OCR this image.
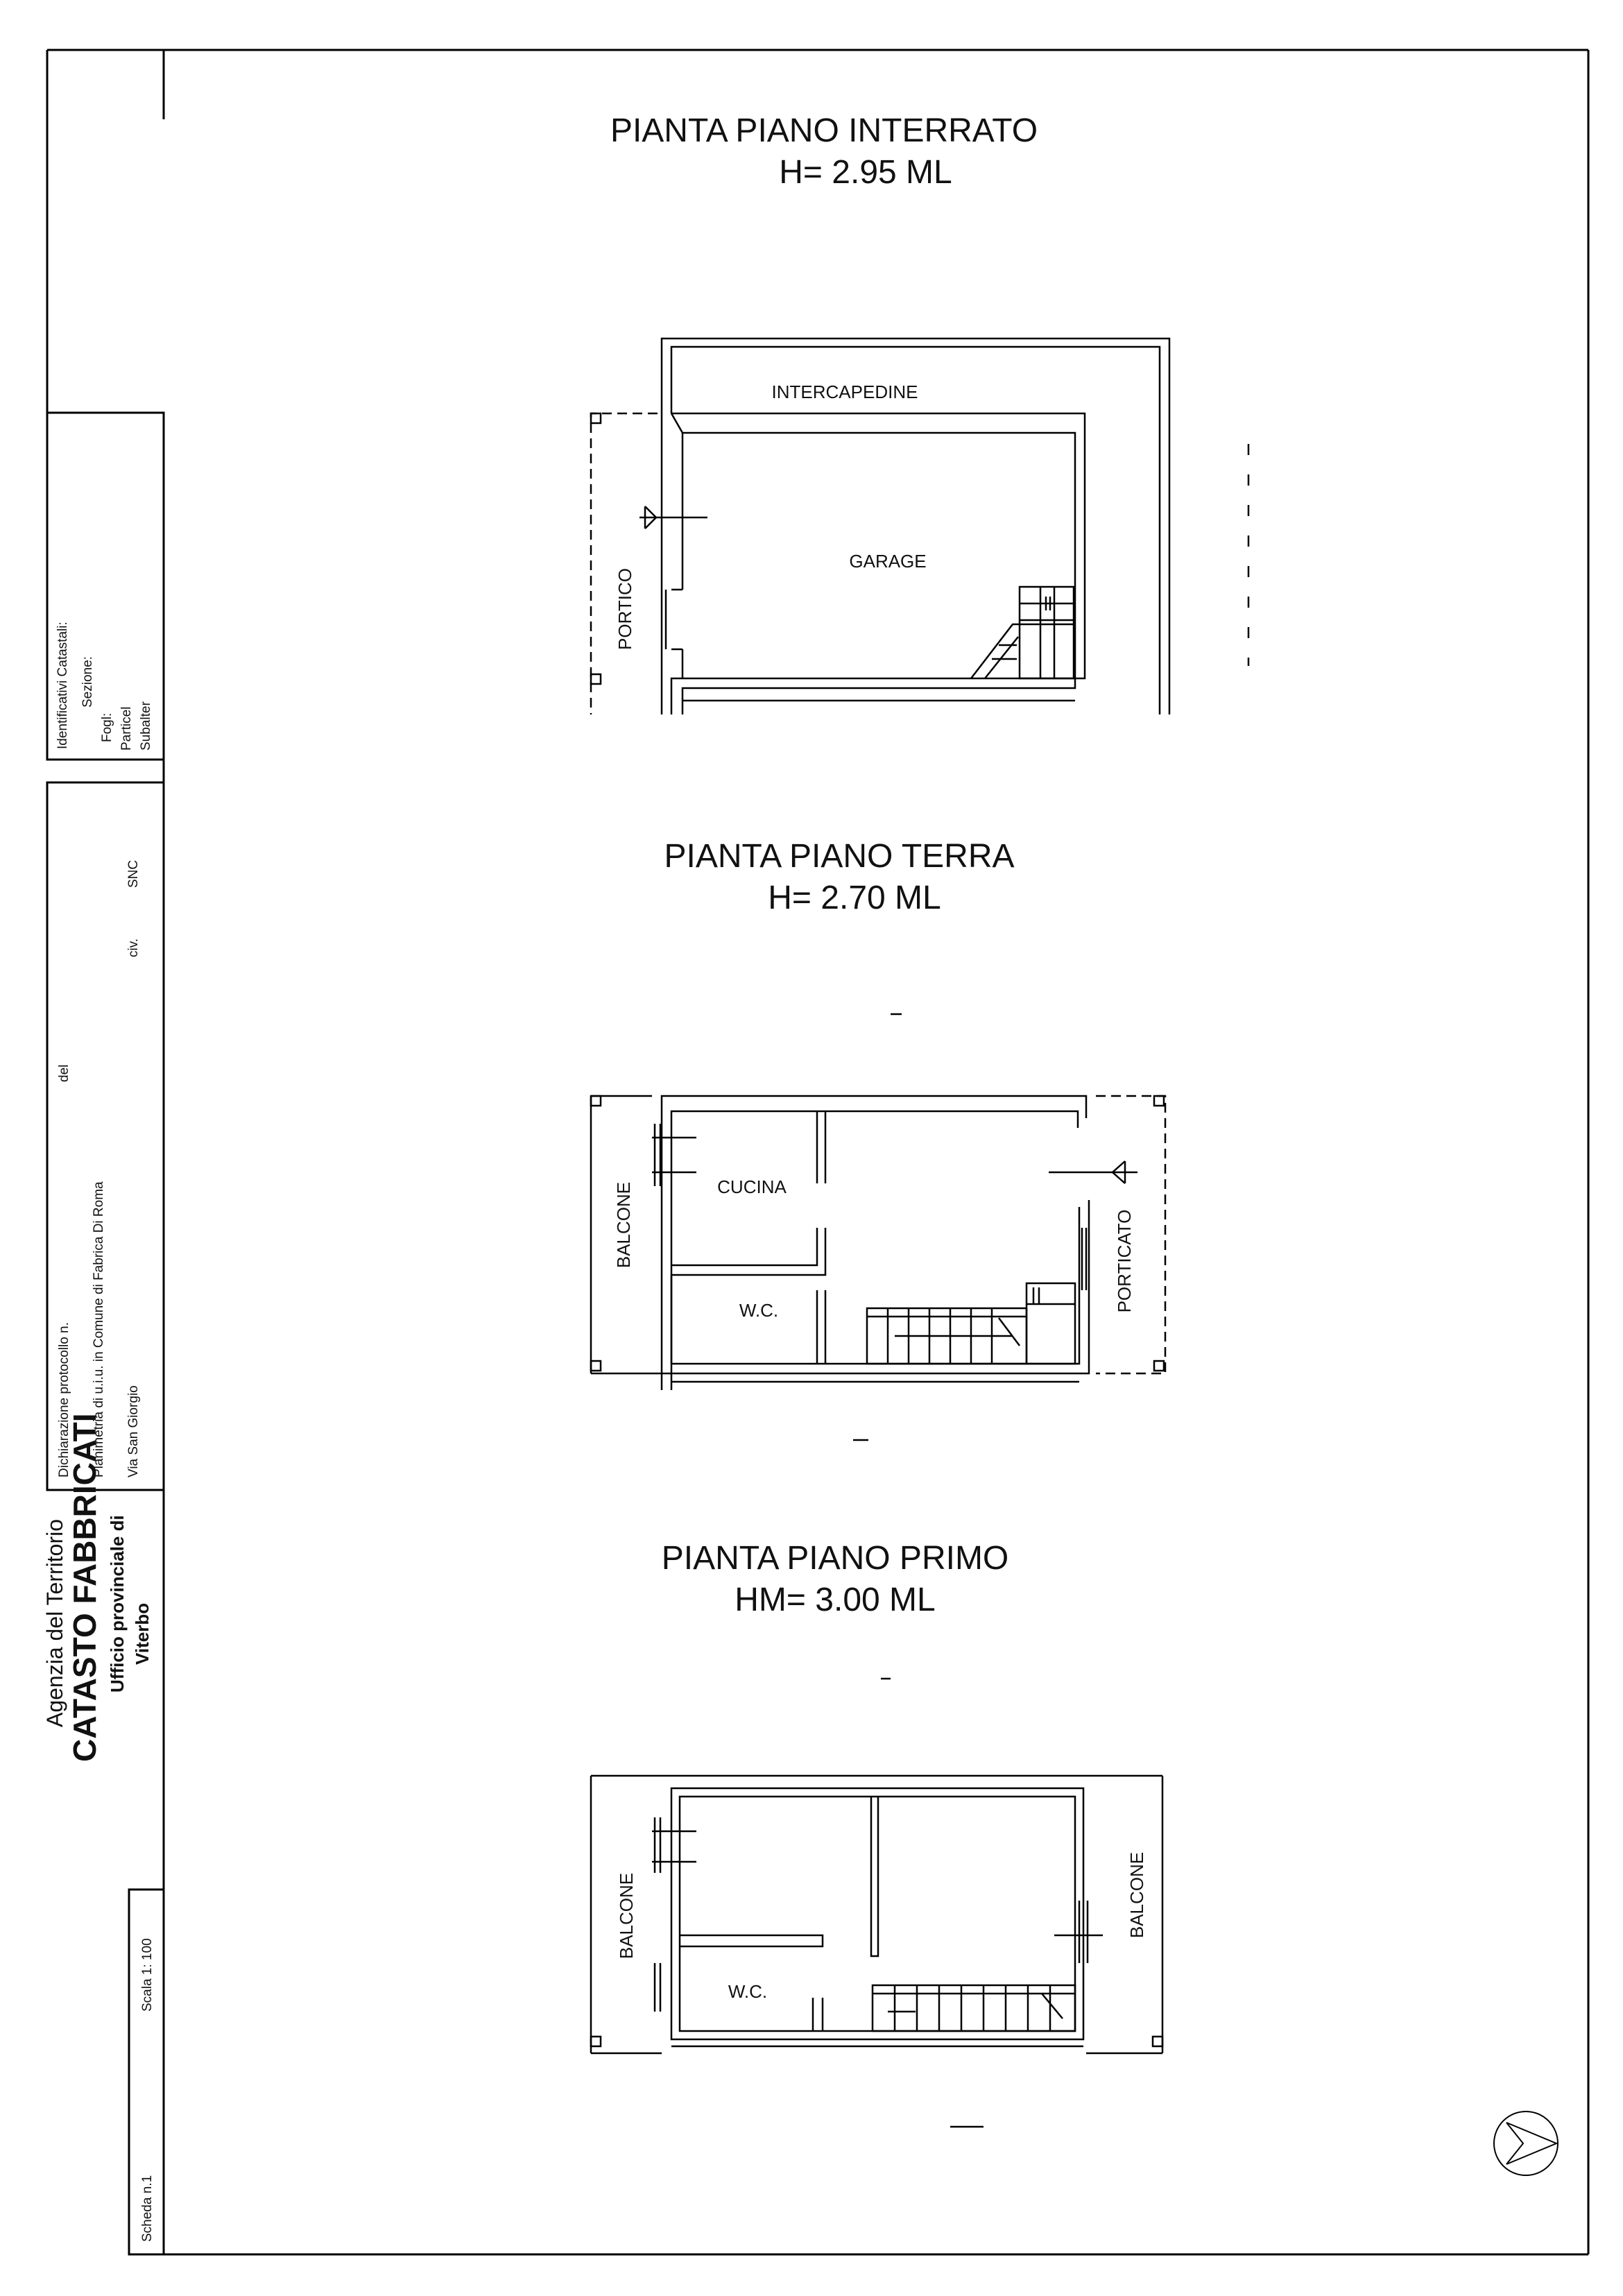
Identificativi Catastali: Sezione:
Fogl: Particel Subalter
Dichiarazione protocollo n.
del
Planimetria di u.i.u. in Comune di Fabrica Di Roma Via San Giorgio
civ.
SNC
Agenzia del Territorio CATASTO FABBRICATI Ufficio provinciale di Viterbo
Scheda n.1
Scala 1: 100
PIANTA PIANO INTERRATO
H= 2.95 ML
PIANTA PIANO TERRA
H= 2.70 ML
PIANTA PIANO PRIMO
HM= 3.00 ML
INTERCAPEDINE
GARAGE
PORTICO
CUCINA
W.C.
BALCONE	PORTICATO
W.C.
BALCONE	BALCONE
